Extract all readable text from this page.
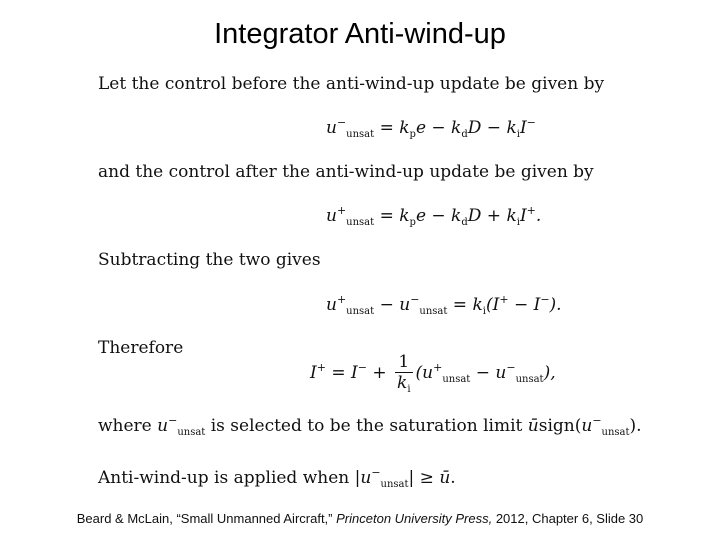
Integrator Anti-wind-up
Let the control before the anti-wind-up update be given by
$u^-_{unsat} = k_pe - k_dD - k_iI^-$
and the control after the anti-wind-up update be given by
$u^+_{unsat} = k_pe - k_dD + k_iI^+$.
Subtracting the two gives
$u^+_{unsat} - u^-_{unsat} = k_i(I^+ - I^-)$.
Therefore
$I^+ = I^- + \frac{1}{k_i} (u^+_{unsat} - u^-_{unsat})$,
where $u^-_{unsat}$ is selected to be the saturation limit $ūsign(u^-_{unsat})$.
Anti-wind-up is applied when $|u^-_{unsat}|$ ≥ ū.
Beard & McLain, “Small Unmanned Aircraft,” Princeton University Press, 2012, Chapter 6, Slide 30
